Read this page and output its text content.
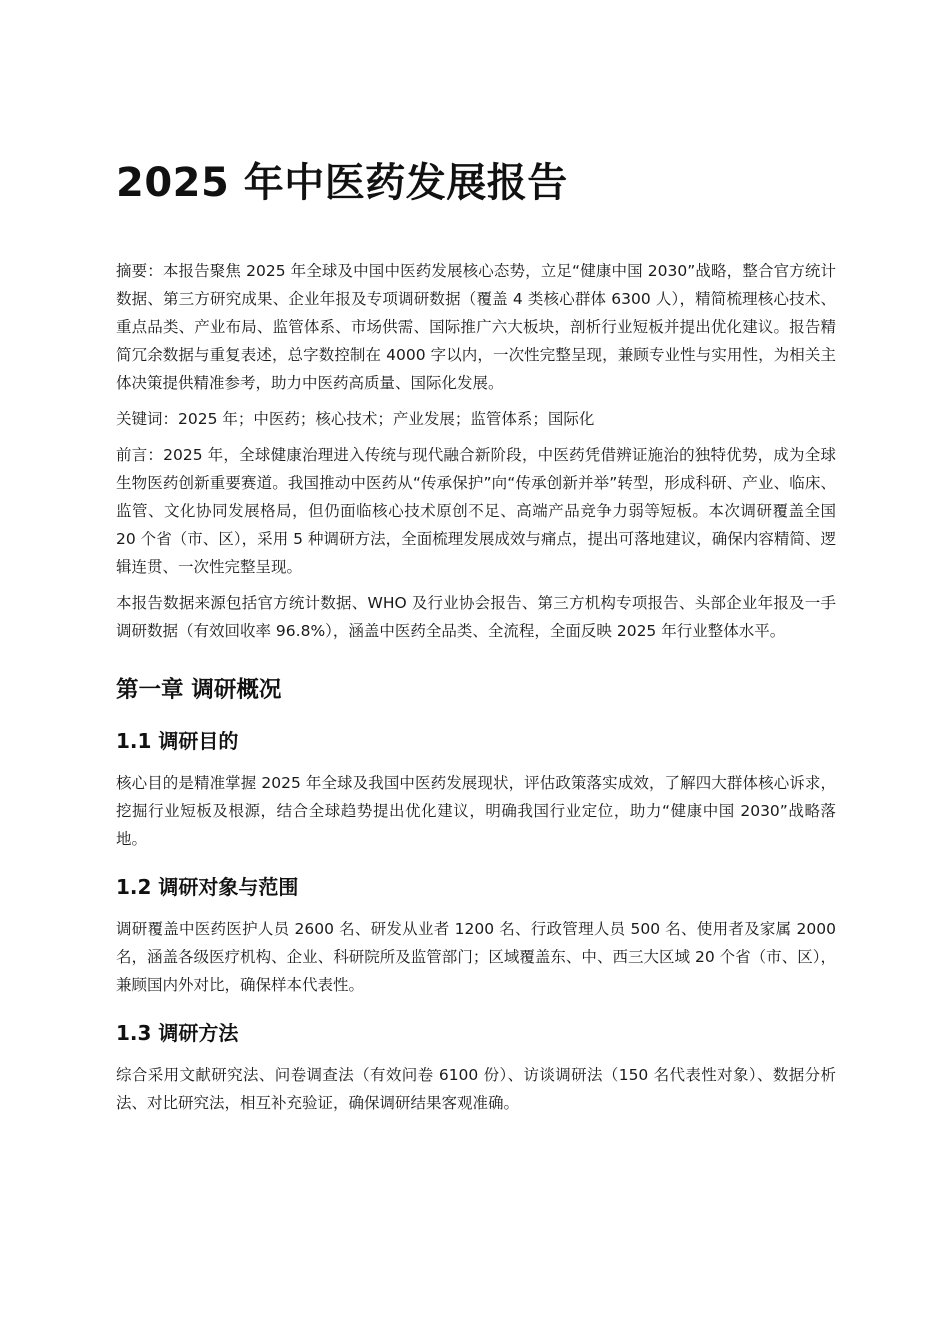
2025 年中医药发展报告

摘要：本报告聚焦 2025 年全球及中国中医药发展核心态势，立足“健康中国 2030”战略，整合官方统计数据、第三方研究成果、企业年报及专项调研数据（覆盖 4 类核心群体 6300 人），精简梳理核心技术、重点品类、产业布局、监管体系、市场供需、国际推广六大板块，剖析行业短板并提出优化建议。报告精简冗余数据与重复表述，总字数控制在 4000 字以内，一次性完整呈现，兼顾专业性与实用性，为相关主体决策提供精准参考，助力中医药高质量、国际化发展。

关键词：2025 年；中医药；核心技术；产业发展；监管体系；国际化

前言：2025 年，全球健康治理进入传统与现代融合新阶段，中医药凭借辨证施治的独特优势，成为全球生物医药创新重要赛道。我国推动中医药从“传承保护”向“传承创新并举”转型，形成科研、产业、临床、监管、文化协同发展格局，但仍面临核心技术原创不足、高端产品竞争力弱等短板。本次调研覆盖全国 20 个省（市、区），采用 5 种调研方法，全面梳理发展成效与痛点，提出可落地建议，确保内容精简、逻辑连贯、一次性完整呈现。

本报告数据来源包括官方统计数据、WHO 及行业协会报告、第三方机构专项报告、头部企业年报及一手调研数据（有效回收率 96.8%），涵盖中医药全品类、全流程，全面反映 2025 年行业整体水平。

第一章 调研概况
1.1 调研目的

核心目的是精准掌握 2025 年全球及我国中医药发展现状，评估政策落实成效，了解四大群体核心诉求，挖掘行业短板及根源，结合全球趋势提出优化建议，明确我国行业定位，助力“健康中国 2030”战略落地。

1.2 调研对象与范围

调研覆盖中医药医护人员 2600 名、研发从业者 1200 名、行政管理人员 500 名、使用者及家属 2000 名，涵盖各级医疗机构、企业、科研院所及监管部门；区域覆盖东、中、西三大区域 20 个省（市、区），兼顾国内外对比，确保样本代表性。

1.3 调研方法

综合采用文献研究法、问卷调查法（有效问卷 6100 份）、访谈调研法（150 名代表性对象）、数据分析法、对比研究法，相互补充验证，确保调研结果客观准确。
